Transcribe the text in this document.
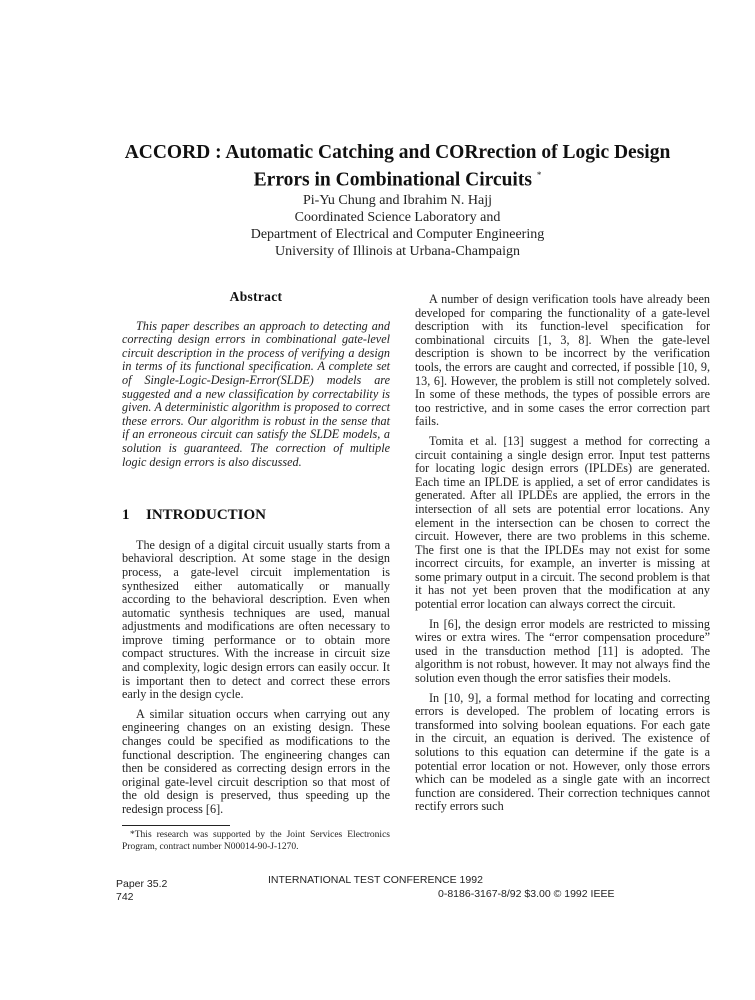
ACCORD : Automatic Catching and CORrection of Logic Design
Errors in Combinational Circuits *
Pi-Yu Chung and Ibrahim N. Hajj
Coordinated Science Laboratory and
Department of Electrical and Computer Engineering
University of Illinois at Urbana-Champaign
Abstract
This paper describes an approach to detecting and correcting design errors in combinational gate-level circuit description in the process of verifying a design in terms of its functional specification. A complete set of Single-Logic-Design-Error(SLDE) models are suggested and a new classification by correctability is given. A deterministic algorithm is proposed to correct these errors. Our algorithm is robust in the sense that if an erroneous circuit can satisfy the SLDE models, a solution is guaranteed. The correction of multiple logic design errors is also discussed.
1 INTRODUCTION

The design of a digital circuit usually starts from a behavioral description. At some stage in the design process, a gate-level circuit implementation is synthesized either automatically or manually according to the behavioral description. Even when automatic synthesis techniques are used, manual adjustments and modifications are often necessary to improve timing performance or to obtain more compact structures. With the increase in circuit size and complexity, logic design errors can easily occur. It is important then to detect and correct these errors early in the design cycle.

A similar situation occurs when carrying out any engineering changes on an existing design. These changes could be specified as modifications to the functional description. The engineering changes can then be considered as correcting design errors in the original gate-level circuit description so that most of the old design is preserved, thus speeding up the redesign process [6].

*This research was supported by the Joint Services Electronics Program, contract number N00014-90-J-1270.

A number of design verification tools have already been developed for comparing the functionality of a gate-level description with its function-level specification for combinational circuits [1, 3, 8]. When the gate-level description is shown to be incorrect by the verification tools, the errors are caught and corrected, if possible [10, 9, 13, 6]. However, the problem is still not completely solved. In some of these methods, the types of possible errors are too restrictive, and in some cases the error correction part fails.

Tomita et al. [13] suggest a method for correcting a circuit containing a single design error. Input test patterns for locating logic design errors (IPLDEs) are generated. Each time an IPLDE is applied, a set of error candidates is generated. After all IPLDEs are applied, the errors in the intersection of all sets are potential error locations. Any element in the intersection can be chosen to correct the circuit. However, there are two problems in this scheme. The first one is that the IPLDEs may not exist for some incorrect circuits, for example, an inverter is missing at some primary output in a circuit. The second problem is that it has not yet been proven that the modification at any potential error location can always correct the circuit.

In [6], the design error models are restricted to missing wires or extra wires. The “error compensation procedure” used in the transduction method [11] is adopted. The algorithm is not robust, however. It may not always find the solution even though the error satisfies their models.

In [10, 9], a formal method for locating and correcting errors is developed. The problem of locating errors is transformed into solving boolean equations. For each gate in the circuit, an equation is derived. The existence of solutions to this equation can determine if the gate is a potential error location or not. However, only those errors which can be modeled as a single gate with an incorrect function are considered. Their correction techniques cannot rectify errors such

Paper 35.2
742
INTERNATIONAL TEST CONFERENCE 1992
0-8186-3167-8/92 $3.00 © 1992 IEEE
